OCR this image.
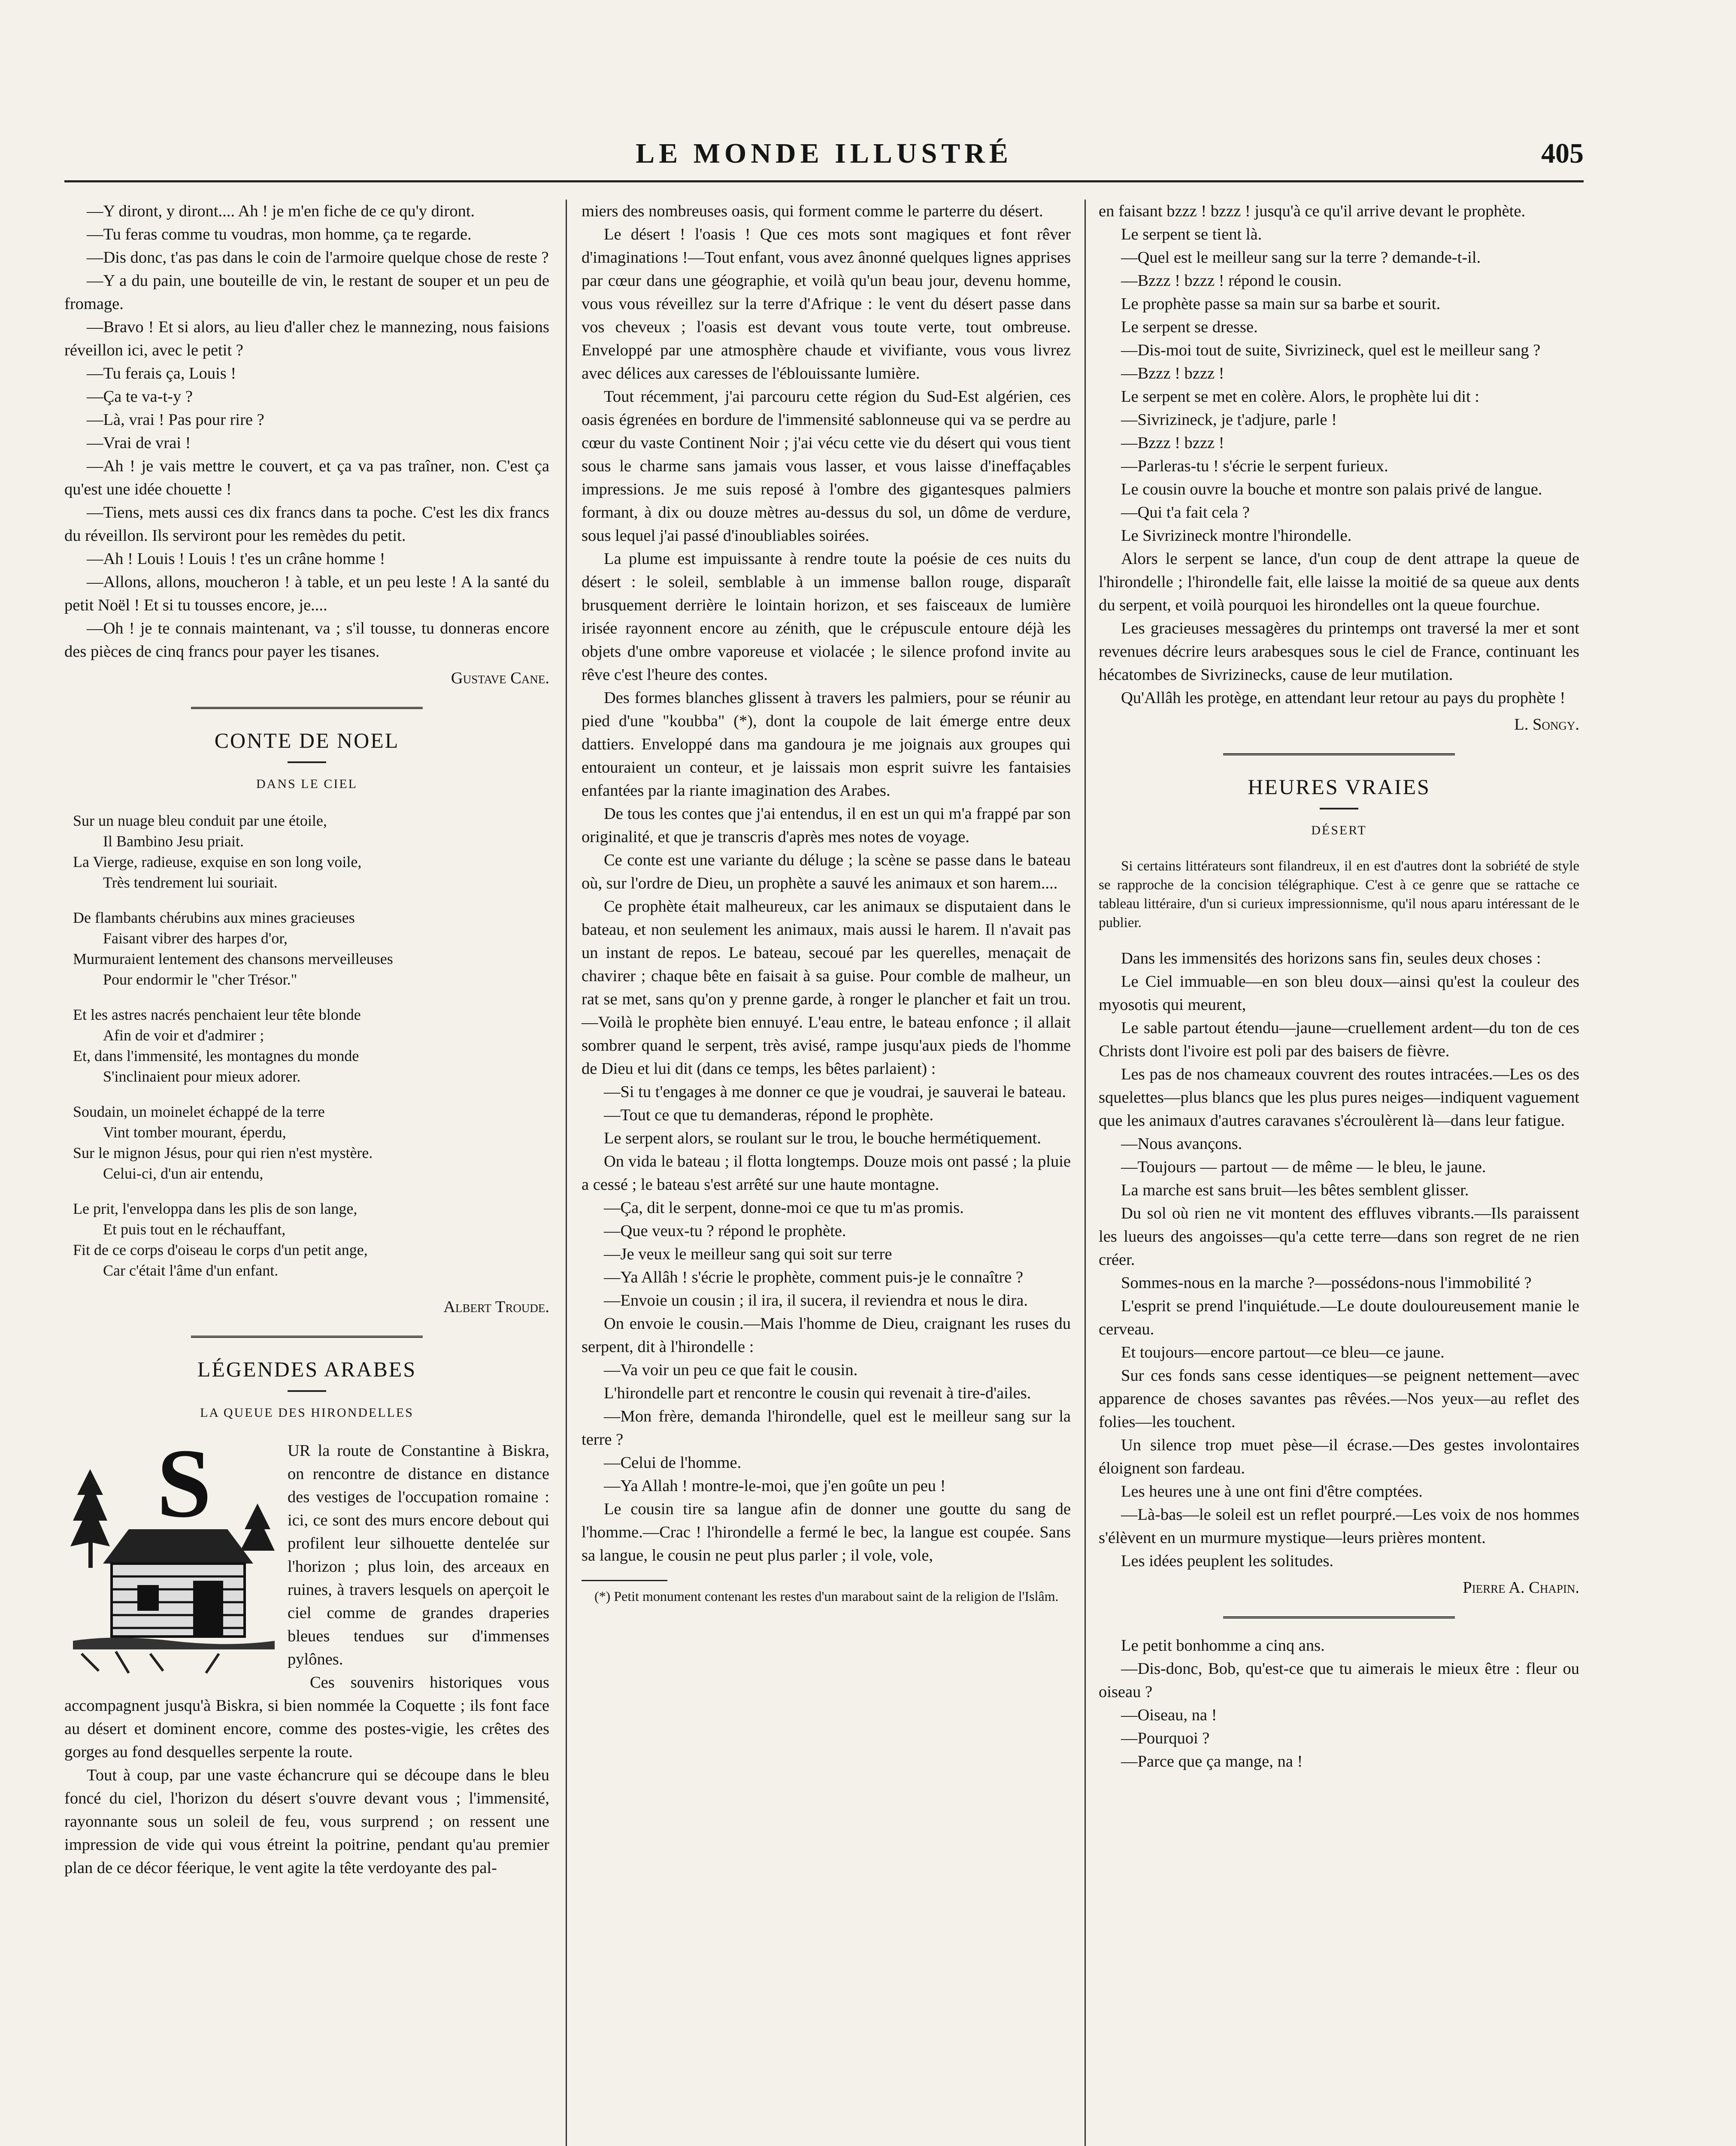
LE MONDE ILLUSTRÉ	405

—Y diront, y diront.... Ah ! je m'en fiche de ce qu'y diront.

—Tu feras comme tu voudras, mon homme, ça te regarde.

—Dis donc, t'as pas dans le coin de l'armoire quelque chose de reste ?

—Y a du pain, une bouteille de vin, le restant de souper et un peu de fromage.

—Bravo ! Et si alors, au lieu d'aller chez le mannezing, nous faisions réveillon ici, avec le petit ?

—Tu ferais ça, Louis !

—Ça te va-t-y ?

—Là, vrai ! Pas pour rire ?

—Vrai de vrai !

—Ah ! je vais mettre le couvert, et ça va pas traîner, non. C'est ça qu'est une idée chouette !

—Tiens, mets aussi ces dix francs dans ta poche. C'est les dix francs du réveillon. Ils serviront pour les remèdes du petit.

—Ah ! Louis ! Louis ! t'es un crâne homme !

—Allons, allons, moucheron ! à table, et un peu leste ! A la santé du petit Noël ! Et si tu tousses encore, je....

—Oh ! je te connais maintenant, va ; s'il tousse, tu donneras encore des pièces de cinq francs pour payer les tisanes.

Gustave Cane.
CONTE DE NOEL
DANS LE CIEL
Sur un nuage bleu conduit par une étoile,
Il Bambino Jesu priait.
La Vierge, radieuse, exquise en son long voile,
Très tendrement lui souriait.
De flambants chérubins aux mines gracieuses
Faisant vibrer des harpes d'or,
Murmuraient lentement des chansons merveilleuses
Pour endormir le "cher Trésor."
Et les astres nacrés penchaient leur tête blonde
Afin de voir et d'admirer ;
Et, dans l'immensité, les montagnes du monde
S'inclinaient pour mieux adorer.
Soudain, un moinelet échappé de la terre
Vint tomber mourant, éperdu,
Sur le mignon Jésus, pour qui rien n'est mystère.
Celui-ci, d'un air entendu,
Le prit, l'enveloppa dans les plis de son lange,
Et puis tout en le réchauffant,
Fit de ce corps d'oiseau le corps d'un petit ange,
Car c'était l'âme d'un enfant.
Albert Troude.
LÉGENDES ARABES
LA QUEUE DES HIRONDELLES
S	UR la route de Constantine à Biskra, on rencontre de distance en distance des vestiges de l'occupation romaine : ici, ce sont des murs encore debout qui profilent leur silhouette dentelée sur l'horizon ; plus loin, des arceaux en ruines, à travers lesquels on aperçoit le ciel comme de grandes draperies bleues tendues sur d'immenses pylônes.

Ces souvenirs historiques vous accompagnent jusqu'à Biskra, si bien nommée la Coquette ; ils font face au désert et dominent encore, comme des postes-vigie, les crêtes des gorges au fond desquelles serpente la route.

Tout à coup, par une vaste échancrure qui se découpe dans le bleu foncé du ciel, l'horizon du désert s'ouvre devant vous ; l'immensité, rayonnante sous un soleil de feu, vous surprend ; on ressent une impression de vide qui vous étreint la poitrine, pendant qu'au premier plan de ce décor féerique, le vent agite la tête verdoyante des pal-

miers des nombreuses oasis, qui forment comme le parterre du désert.

Le désert ! l'oasis ! Que ces mots sont magiques et font rêver d'imaginations !—Tout enfant, vous avez ânonné quelques lignes apprises par cœur dans une géographie, et voilà qu'un beau jour, devenu homme, vous vous réveillez sur la terre d'Afrique : le vent du désert passe dans vos cheveux ; l'oasis est devant vous toute verte, tout ombreuse. Enveloppé par une atmosphère chaude et vivifiante, vous vous livrez avec délices aux caresses de l'éblouissante lumière.

Tout récemment, j'ai parcouru cette région du Sud-Est algérien, ces oasis égrenées en bordure de l'immensité sablonneuse qui va se perdre au cœur du vaste Continent Noir ; j'ai vécu cette vie du désert qui vous tient sous le charme sans jamais vous lasser, et vous laisse d'ineffaçables impressions. Je me suis reposé à l'ombre des gigantesques palmiers formant, à dix ou douze mètres au-dessus du sol, un dôme de verdure, sous lequel j'ai passé d'inoubliables soirées.

La plume est impuissante à rendre toute la poésie de ces nuits du désert : le soleil, semblable à un immense ballon rouge, disparaît brusquement derrière le lointain horizon, et ses faisceaux de lumière irisée rayonnent encore au zénith, que le crépuscule entoure déjà les objets d'une ombre vaporeuse et violacée ; le silence profond invite au rêve c'est l'heure des contes.

Des formes blanches glissent à travers les palmiers, pour se réunir au pied d'une "koubba" (*), dont la coupole de lait émerge entre deux dattiers. Enveloppé dans ma gandoura je me joignais aux groupes qui entouraient un conteur, et je laissais mon esprit suivre les fantaisies enfantées par la riante imagination des Arabes.

De tous les contes que j'ai entendus, il en est un qui m'a frappé par son originalité, et que je transcris d'après mes notes de voyage.

Ce conte est une variante du déluge ; la scène se passe dans le bateau où, sur l'ordre de Dieu, un prophète a sauvé les animaux et son harem....

Ce prophète était malheureux, car les animaux se disputaient dans le bateau, et non seulement les animaux, mais aussi le harem. Il n'avait pas un instant de repos. Le bateau, secoué par les querelles, menaçait de chavirer ; chaque bête en faisait à sa guise. Pour comble de malheur, un rat se met, sans qu'on y prenne garde, à ronger le plancher et fait un trou.—Voilà le prophète bien ennuyé. L'eau entre, le bateau enfonce ; il allait sombrer quand le serpent, très avisé, rampe jusqu'aux pieds de l'homme de Dieu et lui dit (dans ce temps, les bêtes parlaient) :

—Si tu t'engages à me donner ce que je voudrai, je sauverai le bateau.

—Tout ce que tu demanderas, répond le prophète.

Le serpent alors, se roulant sur le trou, le bouche hermétiquement.

On vida le bateau ; il flotta longtemps. Douze mois ont passé ; la pluie a cessé ; le bateau s'est arrêté sur une haute montagne.

—Ça, dit le serpent, donne-moi ce que tu m'as promis.

—Que veux-tu ? répond le prophète.

—Je veux le meilleur sang qui soit sur terre

—Ya Allâh ! s'écrie le prophète, comment puis-je le connaître ?

—Envoie un cousin ; il ira, il sucera, il reviendra et nous le dira.

On envoie le cousin.—Mais l'homme de Dieu, craignant les ruses du serpent, dit à l'hirondelle :

—Va voir un peu ce que fait le cousin.

L'hirondelle part et rencontre le cousin qui revenait à tire-d'ailes.

—Mon frère, demanda l'hirondelle, quel est le meilleur sang sur la terre ?

—Celui de l'homme.

—Ya Allah ! montre-le-moi, que j'en goûte un peu !

Le cousin tire sa langue afin de donner une goutte du sang de l'homme.—Crac ! l'hirondelle a fermé le bec, la langue est coupée. Sans sa langue, le cousin ne peut plus parler ; il vole, vole,

(*) Petit monument contenant les restes d'un marabout saint de la religion de l'Islâm.

en faisant bzzz ! bzzz ! jusqu'à ce qu'il arrive devant le prophète.

Le serpent se tient là.

—Quel est le meilleur sang sur la terre ? demande-t-il.

—Bzzz ! bzzz ! répond le cousin.

Le prophète passe sa main sur sa barbe et sourit.

Le serpent se dresse.

—Dis-moi tout de suite, Sivrizineck, quel est le meilleur sang ?

—Bzzz ! bzzz !

Le serpent se met en colère. Alors, le prophète lui dit :

—Sivrizineck, je t'adjure, parle !

—Bzzz ! bzzz !

—Parleras-tu ! s'écrie le serpent furieux.

Le cousin ouvre la bouche et montre son palais privé de langue.

—Qui t'a fait cela ?

Le Sivrizineck montre l'hirondelle.

Alors le serpent se lance, d'un coup de dent attrape la queue de l'hirondelle ; l'hirondelle fait, elle laisse la moitié de sa queue aux dents du serpent, et voilà pourquoi les hirondelles ont la queue fourchue.

Les gracieuses messagères du printemps ont traversé la mer et sont revenues décrire leurs arabesques sous le ciel de France, continuant les hécatombes de Sivrizinecks, cause de leur mutilation.

Qu'Allâh les protège, en attendant leur retour au pays du prophète !

L. Songy.
HEURES VRAIES
DÉSERT
Si certains littérateurs sont filandreux, il en est d'autres dont la sobriété de style se rapproche de la concision télégraphique. C'est à ce genre que se rattache ce tableau littéraire, d'un si curieux impressionnisme, qu'il nous aparu intéressant de le publier.

Dans les immensités des horizons sans fin, seules deux choses :

Le Ciel immuable—en son bleu doux—ainsi qu'est la couleur des myosotis qui meurent,

Le sable partout étendu—jaune—cruellement ardent—du ton de ces Christs dont l'ivoire est poli par des baisers de fièvre.

Les pas de nos chameaux couvrent des routes intracées.—Les os des squelettes—plus blancs que les plus pures neiges—indiquent vaguement que les animaux d'autres caravanes s'écroulèrent là—dans leur fatigue.

—Nous avançons.

—Toujours — partout — de même — le bleu, le jaune.

La marche est sans bruit—les bêtes semblent glisser.

Du sol où rien ne vit montent des effluves vibrants.—Ils paraissent les lueurs des angoisses—qu'a cette terre—dans son regret de ne rien créer.

Sommes-nous en la marche ?—possédons-nous l'immobilité ?

L'esprit se prend l'inquiétude.—Le doute douloureusement manie le cerveau.

Et toujours—encore partout—ce bleu—ce jaune.

Sur ces fonds sans cesse identiques—se peignent nettement—avec apparence de choses savantes pas rêvées.—Nos yeux—au reflet des folies—les touchent.

Un silence trop muet pèse—il écrase.—Des gestes involontaires éloignent son fardeau.

Les heures une à une ont fini d'être comptées.

—Là-bas—le soleil est un reflet pourpré.—Les voix de nos hommes s'élèvent en un murmure mystique—leurs prières montent.

Les idées peuplent les solitudes.

Pierre A. Chapin.

Le petit bonhomme a cinq ans.

—Dis-donc, Bob, qu'est-ce que tu aimerais le mieux être : fleur ou oiseau ?

—Oiseau, na !

—Pourquoi ?

—Parce que ça mange, na !
